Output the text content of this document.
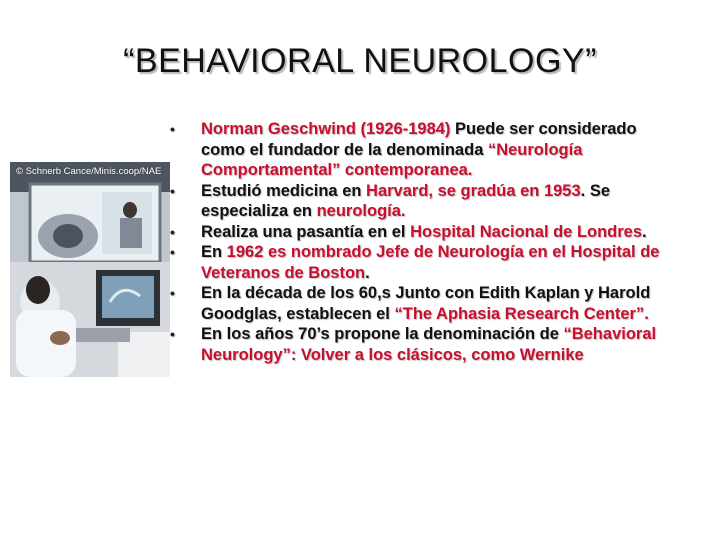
“BEHAVIORAL NEUROLOGY”
© Schnerb Cance/Minis.coop/NAE
• Norman Geschwind (1926-1984) Puede ser considerado como el fundador de la denominada “Neurología Comportamental” contemporanea.
• Estudió medicina en Harvard, se gradúa en 1953. Se especializa en neurología.
• Realiza una pasantía en el Hospital Nacional de Londres.
• En 1962 es nombrado Jefe de Neurología en el Hospital de Veteranos de Boston.
• En la década de los 60,s Junto con Edith Kaplan y Harold Goodglas, establecen el “The Aphasia Research Center”.
• En los años 70’s propone la denominación de “Behavioral Neurology”: Volver a los clásicos, como Wernike
